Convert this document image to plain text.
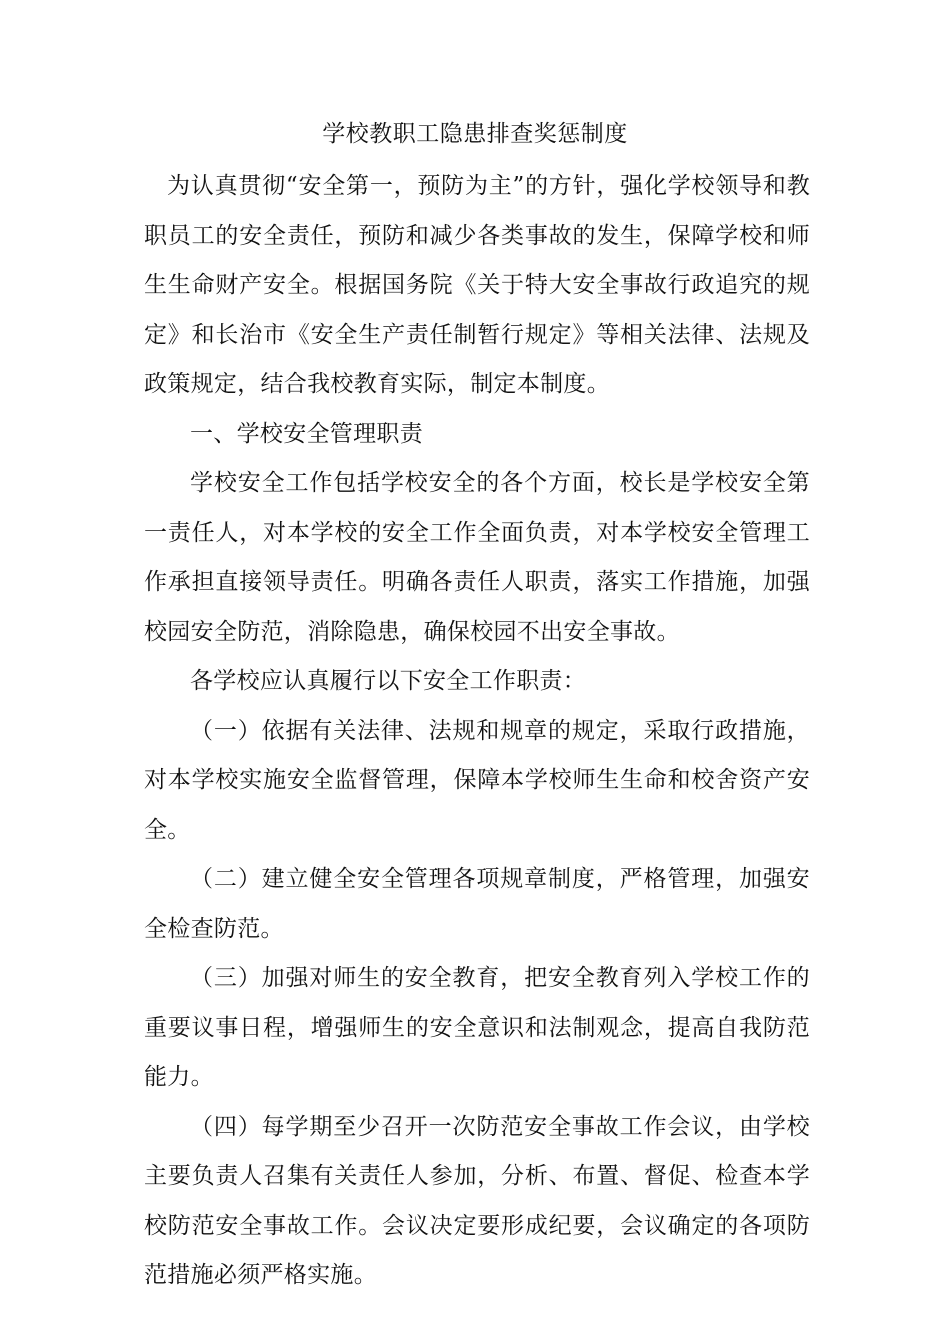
学校教职工隐患排查奖惩制度

为认真贯彻“安全第一，预防为主”的方针，强化学校领导和教职员工的安全责任，预防和减少各类事故的发生，保障学校和师生生命财产安全。根据国务院《关于特大安全事故行政追究的规定》和长治市《安全生产责任制暂行规定》等相关法律、法规及政策规定，结合我校教育实际，制定本制度。

一、学校安全管理职责

学校安全工作包括学校安全的各个方面，校长是学校安全第一责任人，对本学校的安全工作全面负责，对本学校安全管理工作承担直接领导责任。明确各责任人职责，落实工作措施，加强校园安全防范，消除隐患，确保校园不出安全事故。

各学校应认真履行以下安全工作职责：

（一）依据有关法律、法规和规章的规定，采取行政措施，对本学校实施安全监督管理，保障本学校师生生命和校舍资产安全。

（二）建立健全安全管理各项规章制度，严格管理，加强安全检查防范。

（三）加强对师生的安全教育，把安全教育列入学校工作的重要议事日程，增强师生的安全意识和法制观念，提高自我防范能力。

（四）每学期至少召开一次防范安全事故工作会议，由学校主要负责人召集有关责任人参加，分析、布置、督促、检查本学校防范安全事故工作。会议决定要形成纪要，会议确定的各项防范措施必须严格实施。
